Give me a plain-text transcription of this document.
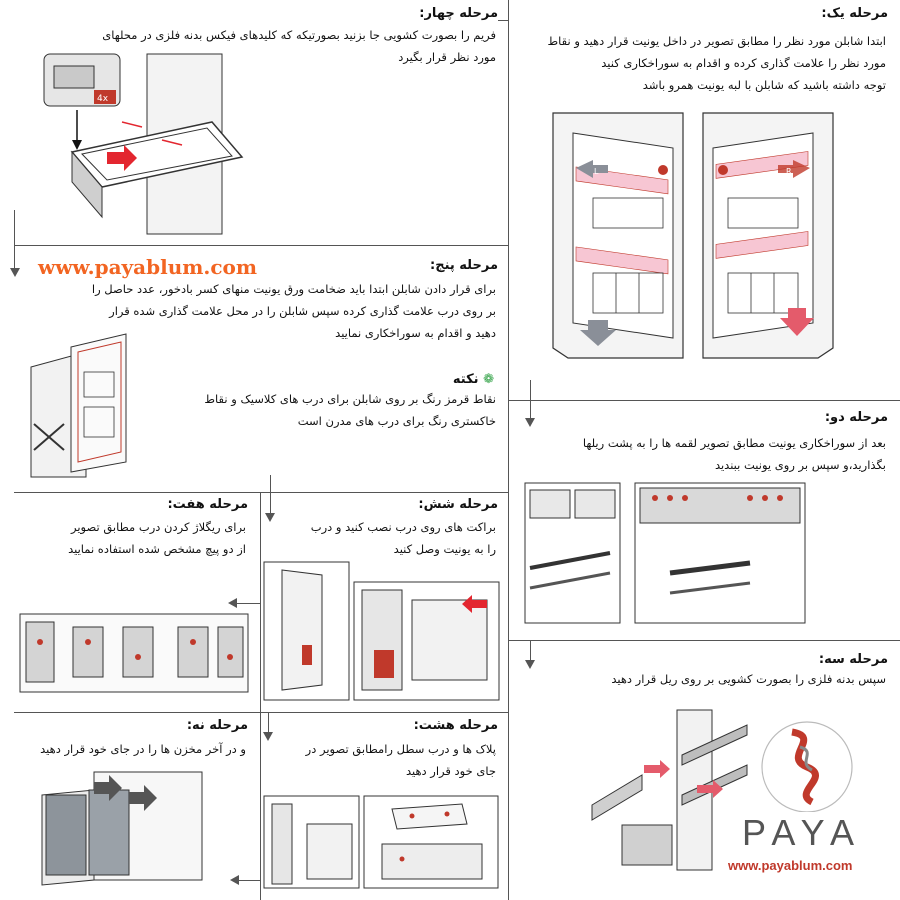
مرحله یک:
ابتدا شابلن مورد نظر را مطابق تصویر در داخل یونیت قرار دهید و نقاط
مورد نظر را علامت گذاری کرده و اقدام به سوراخکاری کنید
توجه داشته باشید که شابلن با لبه یونیت همرو باشد
L	R
مرحله دو:
بعد از سوراخکاری یونیت مطابق تصویر لقمه ها را به پشت ریلها
بگذارید،و سپس بر روی یونیت ببندید
مرحله سه:
سپس بدنه فلزی را بصورت کشویی بر روی ریل قرار دهید
PAYA
www.payablum.com
مرحله چهار:
فریم را بصورت کشویی جا بزنید بصورتیکه که کلیدهای فیکس بدنه فلزی در محلهای
مورد نظر قرار بگیرد
4x
www.payablum.com	مرحله پنج:
برای قرار دادن شابلن ابتدا باید ضخامت ورق یونیت منهای کسر بادخور، عدد حاصل را
بر روی درب علامت گذاری کرده سپس شابلن را در محل علامت گذاری شده قرار
دهید و اقدام به سوراخکاری نمایید
❁ نکته
نقاط قرمز رنگ بر روی شابلن برای درب های کلاسیک و نقاط
خاکستری رنگ برای درب های مدرن است
مرحله شش:
براکت های روی درب نصب کنید و درب
را به یونیت وصل کنید
مرحله هفت:
برای ریگلاژ کردن درب مطابق تصویر
از دو پیچ مشخص شده استفاده نمایید
مرحله هشت:
پلاک ها و درب سطل رامطابق تصویر در
جای خود قرار دهید
مرحله نه:
و در آخر مخزن ها را در جای خود قرار دهید
